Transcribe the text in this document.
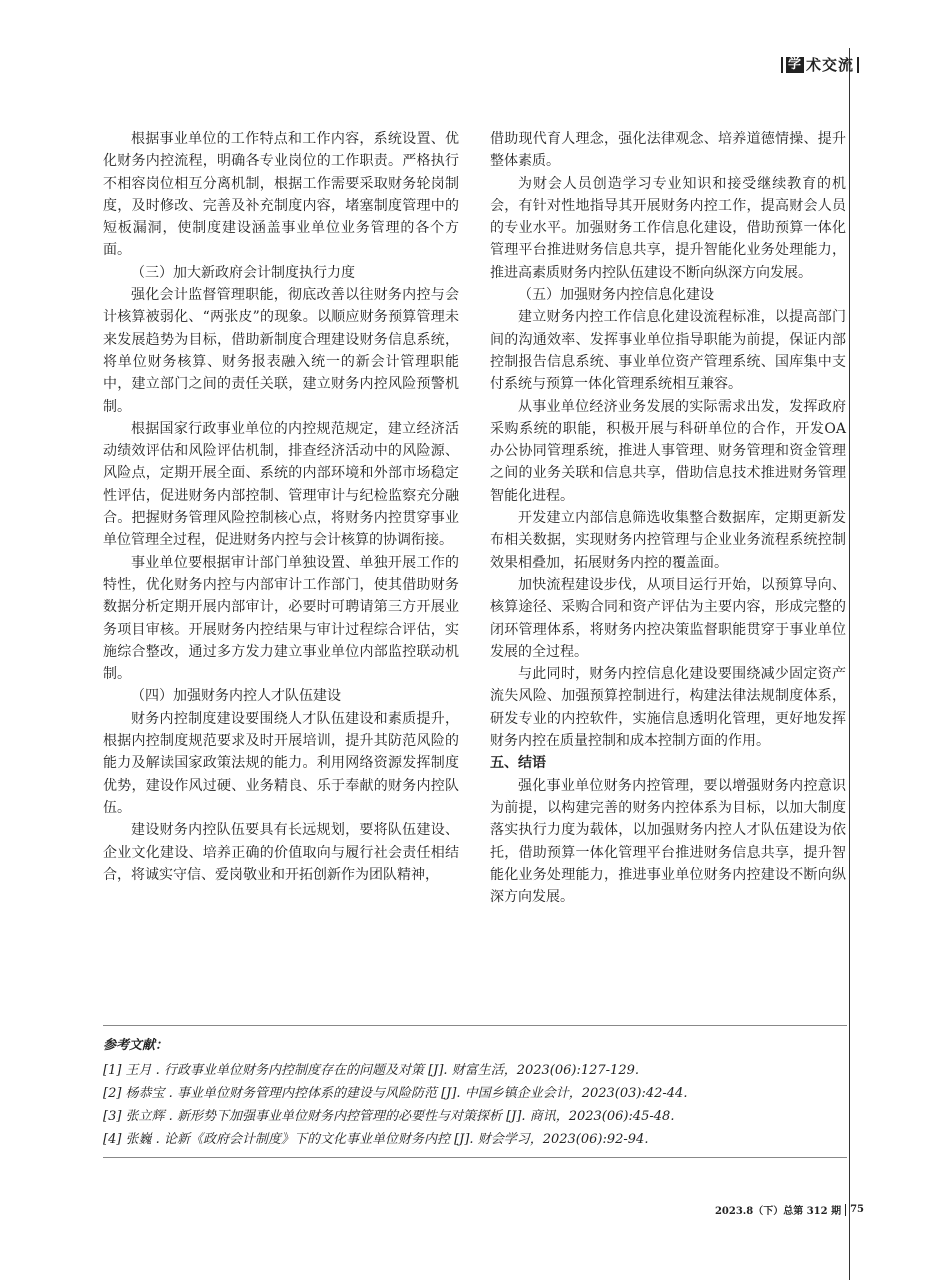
学 术交流

根据事业单位的工作特点和工作内容，系统设置、优化财务内控流程，明确各专业岗位的工作职责。严格执行不相容岗位相互分离机制，根据工作需要采取财务轮岗制度，及时修改、完善及补充制度内容，堵塞制度管理中的短板漏洞，使制度建设涵盖事业单位业务管理的各个方面。

（三）加大新政府会计制度执行力度

强化会计监督管理职能，彻底改善以往财务内控与会计核算被弱化、“两张皮”的现象。以顺应财务预算管理未来发展趋势为目标，借助新制度合理建设财务信息系统，将单位财务核算、财务报表融入统一的新会计管理职能中，建立部门之间的责任关联，建立财务内控风险预警机制。

根据国家行政事业单位的内控规范规定，建立经济活动绩效评估和风险评估机制，排查经济活动中的风险源、风险点，定期开展全面、系统的内部环境和外部市场稳定性评估，促进财务内部控制、管理审计与纪检监察充分融合。把握财务管理风险控制核心点，将财务内控贯穿事业单位管理全过程，促进财务内控与会计核算的协调衔接。

事业单位要根据审计部门单独设置、单独开展工作的特性，优化财务内控与内部审计工作部门，使其借助财务数据分析定期开展内部审计，必要时可聘请第三方开展业务项目审核。开展财务内控结果与审计过程综合评估，实施综合整改，通过多方发力建立事业单位内部监控联动机制。

（四）加强财务内控人才队伍建设

财务内控制度建设要围绕人才队伍建设和素质提升，根据内控制度规范要求及时开展培训，提升其防范风险的能力及解读国家政策法规的能力。利用网络资源发挥制度优势，建设作风过硬、业务精良、乐于奉献的财务内控队伍。

建设财务内控队伍要具有长远规划，要将队伍建设、企业文化建设、培养正确的价值取向与履行社会责任相结合，将诚实守信、爱岗敬业和开拓创新作为团队精神，

借助现代育人理念，强化法律观念、培养道德情操、提升整体素质。

为财会人员创造学习专业知识和接受继续教育的机会，有针对性地指导其开展财务内控工作，提高财会人员的专业水平。加强财务工作信息化建设，借助预算一体化管理平台推进财务信息共享，提升智能化业务处理能力，推进高素质财务内控队伍建设不断向纵深方向发展。

（五）加强财务内控信息化建设

建立财务内控工作信息化建设流程标准，以提高部门间的沟通效率、发挥事业单位指导职能为前提，保证内部控制报告信息系统、事业单位资产管理系统、国库集中支付系统与预算一体化管理系统相互兼容。

从事业单位经济业务发展的实际需求出发，发挥政府采购系统的职能，积极开展与科研单位的合作，开发OA办公协同管理系统，推进人事管理、财务管理和资金管理之间的业务关联和信息共享，借助信息技术推进财务管理智能化进程。

开发建立内部信息筛选收集整合数据库，定期更新发布相关数据，实现财务内控管理与企业业务流程系统控制效果相叠加，拓展财务内控的覆盖面。

加快流程建设步伐，从项目运行开始，以预算导向、核算途径、采购合同和资产评估为主要内容，形成完整的闭环管理体系，将财务内控决策监督职能贯穿于事业单位发展的全过程。

与此同时，财务内控信息化建设要围绕减少固定资产流失风险、加强预算控制进行，构建法律法规制度体系，研发专业的内控软件，实施信息透明化管理，更好地发挥财务内控在质量控制和成本控制方面的作用。

五、结语

强化事业单位财务内控管理，要以增强财务内控意识为前提，以构建完善的财务内控体系为目标，以加大制度落实执行力度为载体，以加强财务内控人才队伍建设为依托，借助预算一体化管理平台推进财务信息共享，提升智能化业务处理能力，推进事业单位财务内控建设不断向纵深方向发展。

参考文献：
[1] 王月 . 行政事业单位财务内控制度存在的问题及对策 [J]. 财富生活，2023(06):127-129.
[2] 杨恭宝 . 事业单位财务管理内控体系的建设与风险防范 [J]. 中国乡镇企业会计，2023(03):42-44.
[3] 张立辉 . 新形势下加强事业单位财务内控管理的必要性与对策探析 [J]. 商讯，2023(06):45-48.
[4] 张巍 . 论新《政府会计制度》下的文化事业单位财务内控 [J]. 财会学习，2023(06):92-94.
2023.8（下）总第 312 期 75
